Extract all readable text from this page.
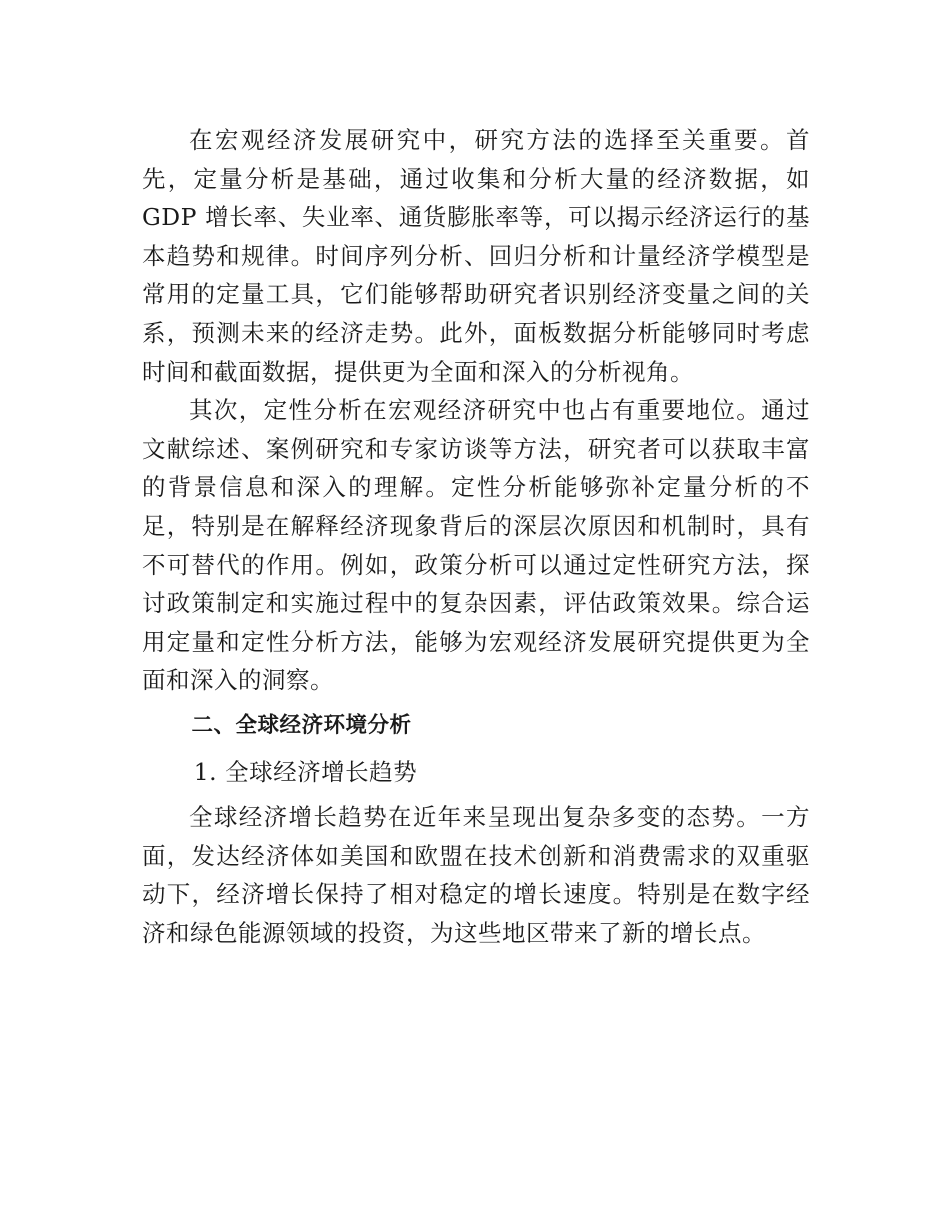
在宏观经济发展研究中，研究方法的选择至关重要。首先，定量分析是基础，通过收集和分析大量的经济数据，如 GDP 增长率、失业率、通货膨胀率等，可以揭示经济运行的基本趋势和规律。时间序列分析、回归分析和计量经济学模型是常用的定量工具，它们能够帮助研究者识别经济变量之间的关系，预测未来的经济走势。此外，面板数据分析能够同时考虑时间和截面数据，提供更为全面和深入的分析视角。

其次，定性分析在宏观经济研究中也占有重要地位。通过文献综述、案例研究和专家访谈等方法，研究者可以获取丰富的背景信息和深入的理解。定性分析能够弥补定量分析的不足，特别是在解释经济现象背后的深层次原因和机制时，具有不可替代的作用。例如，政策分析可以通过定性研究方法，探讨政策制定和实施过程中的复杂因素，评估政策效果。综合运用定量和定性分析方法，能够为宏观经济发展研究提供更为全面和深入的洞察。

二、全球经济环境分析

1. 全球经济增长趋势

全球经济增长趋势在近年来呈现出复杂多变的态势。一方面，发达经济体如美国和欧盟在技术创新和消费需求的双重驱动下，经济增长保持了相对稳定的增长速度。特别是在数字经济和绿色能源领域的投资，为这些地区带来了新的增长点。
